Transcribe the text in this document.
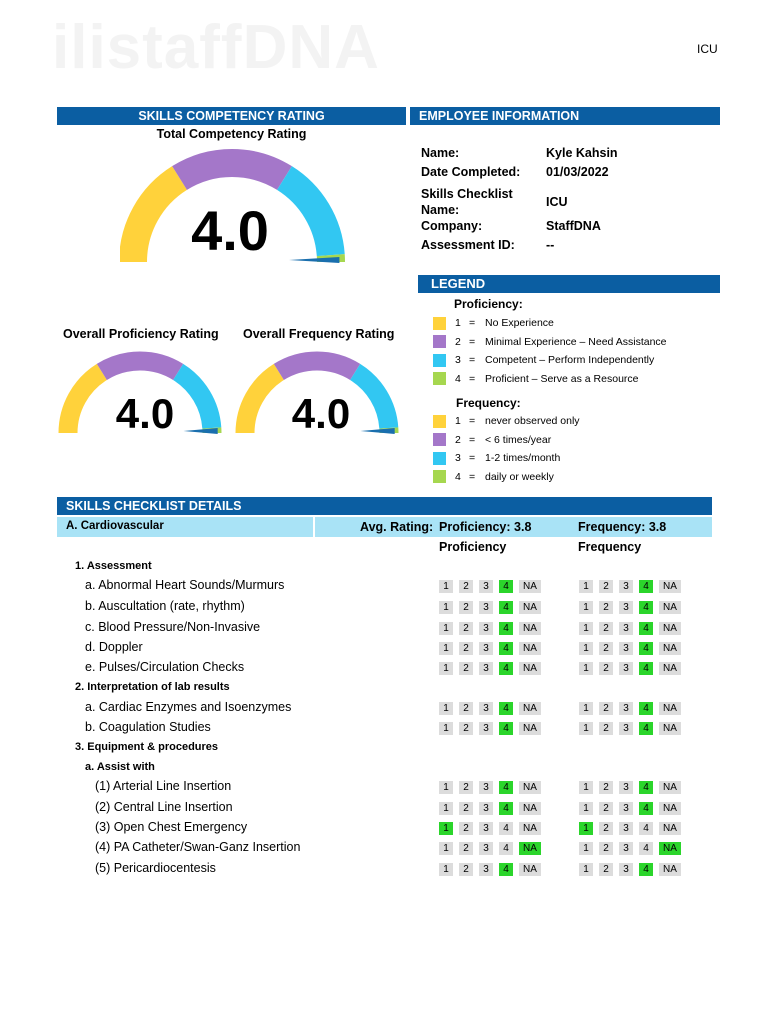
ilistaffDNA	ICU
SKILLS COMPETENCY RATING	EMPLOYEE INFORMATION
Total Competency Rating
4.0
Overall Proficiency Rating Overall Frequency Rating
4.0	4.0
Name:	Kyle Kahsin
Date Completed:	01/03/2022
Skills Checklist Name:
ICU
Company:	StaffDNA
Assessment ID:	--
LEGEND
Proficiency:
1 = No Experience
2 = Minimal Experience – Need Assistance
3 = Competent – Perform Independently
4 = Proficient – Serve as a Resource
Frequency:
1 = never observed only
2 = < 6 times/year
3 = 1-2 times/month
4 = daily or weekly
SKILLS CHECKLIST DETAILS
A. Cardiovascular	Avg. Rating: Proficiency: 3.8	Frequency: 3.8
Proficiency	Frequency
1. Assessment
a. Abnormal Heart Sounds/Murmurs	1	2	3	4	NA	1	2	3	4	NA
b. Auscultation (rate, rhythm)	1	2	3	4	NA	1	2	3	4	NA
c. Blood Pressure/Non-Invasive	1	2	3	4	NA	1	2	3	4	NA
d. Doppler	1	2	3	4	NA	1	2	3	4	NA
e. Pulses/Circulation Checks	1	2	3	4	NA	1	2	3	4	NA
2. Interpretation of lab results
a. Cardiac Enzymes and Isoenzymes	1	2	3	4	NA	1	2	3	4	NA
b. Coagulation Studies	1	2	3	4	NA	1	2	3	4	NA
3. Equipment & procedures
a. Assist with
(1) Arterial Line Insertion	1	2	3	4	NA	1	2	3	4	NA
(2) Central Line Insertion	1	2	3	4	NA	1	2	3	4	NA
(3) Open Chest Emergency	1	2	3	4	NA	1	2	3	4	NA
(4) PA Catheter/Swan-Ganz Insertion	1	2	3	4	NA	1	2	3	4	NA
(5) Pericardiocentesis	1	2	3	4	NA	1	2	3	4	NA
